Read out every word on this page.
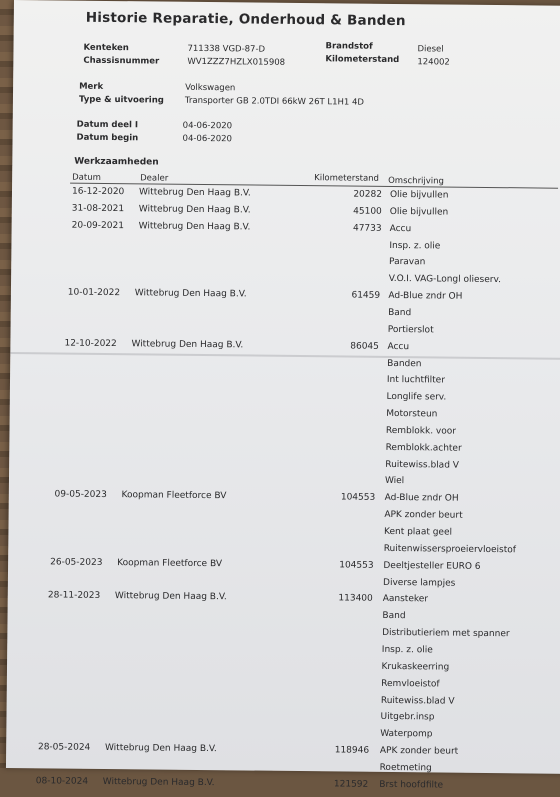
Historie Reparatie, Onderhoud & Banden
Kenteken	711338 VGD-87-D
Chassisnummer	WV1ZZZ7HZLX015908
Brandstof	Diesel
Kilometerstand 124002
Merk	Volkswagen
Type & uitvoering Transporter GB 2.0TDI 66kW 26T L1H1 4D
Datum deel I	04-06-2020
Datum begin	04-06-2020
Werkzaamheden
Datum	Dealer	Kilometerstand Omschrijving
16-12-2020 Wittebrug Den Haag B.V.	20282 Olie bijvullen
31-08-2021 Wittebrug Den Haag B.V.	45100 Olie bijvullen
20-09-2021 Wittebrug Den Haag B.V.	47733 Accu
Insp. z. olie
Paravan
V.O.I. VAG-Longl olieserv.
10-01-2022 Wittebrug Den Haag B.V.	61459 Ad-Blue zndr OH
Band
Portierslot
12-10-2022 Wittebrug Den Haag B.V.	86045 Accu
Banden
Int luchtfilter
Longlife serv.
Motorsteun
Remblokk. voor
Remblokk.achter
Ruitewiss.blad V
Wiel
09-05-2023 Koopman Fleetforce BV	104553 Ad-Blue zndr OH
APK zonder beurt
Kent plaat geel
Ruitenwissersproeiervloeistof
26-05-2023 Koopman Fleetforce BV	104553 Deeltjesteller EURO 6
Diverse lampjes
28-11-2023 Wittebrug Den Haag B.V.	113400 Aansteker
Band
Distributieriem met spanner
Insp. z. olie
Krukaskeerring
Remvloeistof
Ruitewiss.blad V
Uitgebr.insp
Waterpomp
28-05-2024 Wittebrug Den Haag B.V.	118946 APK zonder beurt
Roetmeting
08-10-2024 Wittebrug Den Haag B.V.	121592 Brst hoofdfilte
